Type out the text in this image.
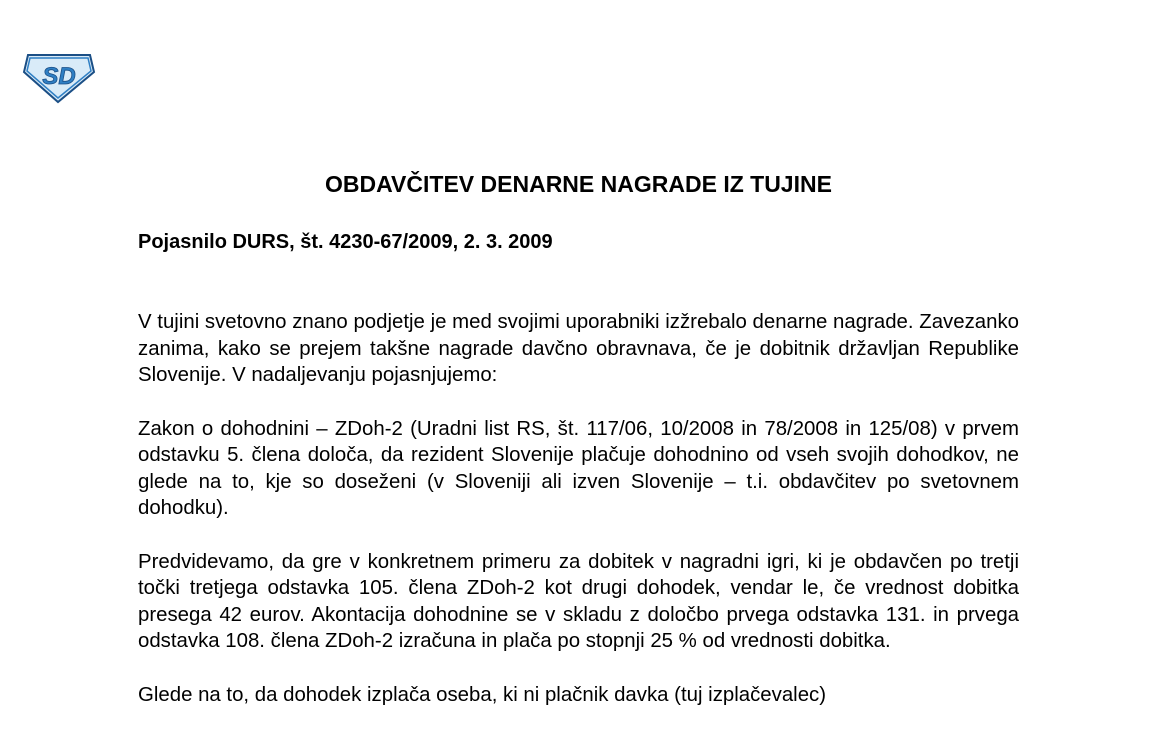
SD
OBDAVČITEV DENARNE NAGRADE IZ TUJINE

Pojasnilo DURS, št. 4230-67/2009, 2. 3. 2009

V tujini svetovno znano podjetje je med svojimi uporabniki izžrebalo denarne nagrade. Zavezanko zanima, kako se prejem takšne nagrade davčno obravnava, če je dobitnik državljan Republike Slovenije. V nadaljevanju pojasnjujemo:

Zakon o dohodnini – ZDoh-2 (Uradni list RS, št. 117/06, 10/2008 in 78/2008 in 125/08) v prvem odstavku 5. člena določa, da rezident Slovenije plačuje dohodnino od vseh svojih dohodkov, ne glede na to, kje so doseženi (v Sloveniji ali izven Slovenije – t.i. obdavčitev po svetovnem dohodku).

Predvidevamo, da gre v konkretnem primeru za dobitek v nagradni igri, ki je obdavčen po tretji točki tretjega odstavka 105. člena ZDoh-2 kot drugi dohodek, vendar le, če vrednost dobitka presega 42 eurov. Akontacija dohodnine se v skladu z določbo prvega odstavka 131. in prvega odstavka 108. člena ZDoh-2 izračuna in plača po stopnji 25 % od vrednosti dobitka.

Glede na to, da dohodek izplača oseba, ki ni plačnik davka (tuj izplačevalec)
